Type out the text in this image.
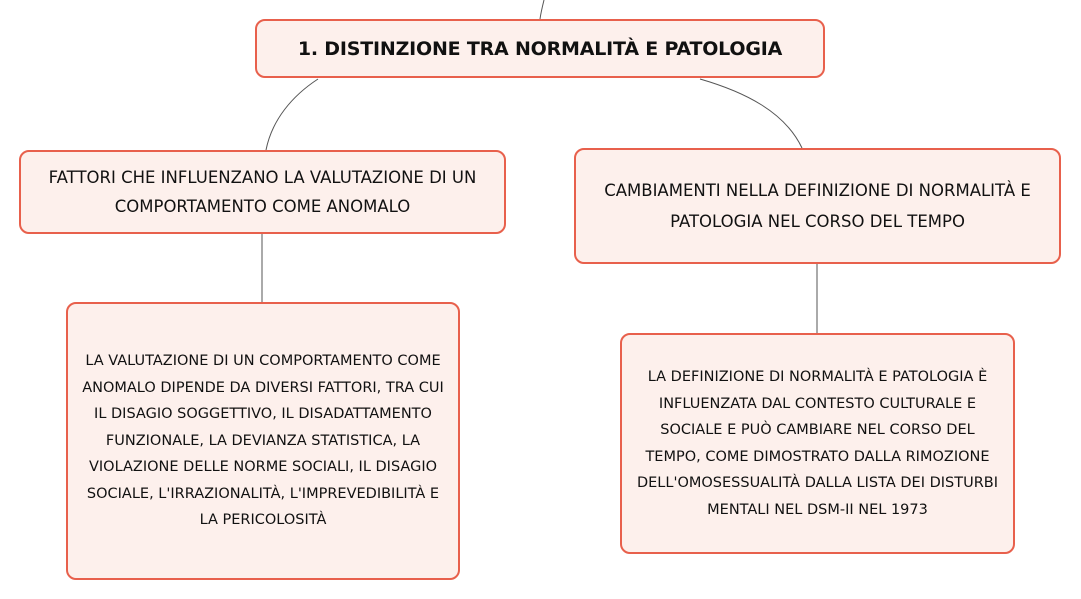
1. DISTINZIONE TRA NORMALITÀ E PATOLOGIA
FATTORI CHE INFLUENZANO LA VALUTAZIONE DI UN COMPORTAMENTO COME ANOMALO
CAMBIAMENTI NELLA DEFINIZIONE DI NORMALITÀ E PATOLOGIA NEL CORSO DEL TEMPO
LA VALUTAZIONE DI UN COMPORTAMENTO COME ANOMALO DIPENDE DA DIVERSI FATTORI, TRA CUI IL DISAGIO SOGGETTIVO, IL DISADATTAMENTO FUNZIONALE, LA DEVIANZA STATISTICA, LA VIOLAZIONE DELLE NORME SOCIALI, IL DISAGIO SOCIALE, L'IRRAZIONALITÀ, L'IMPREVEDIBILITÀ E LA PERICOLOSITÀ
LA DEFINIZIONE DI NORMALITÀ E PATOLOGIA È INFLUENZATA DAL CONTESTO CULTURALE E SOCIALE E PUÒ CAMBIARE NEL CORSO DEL TEMPO, COME DIMOSTRATO DALLA RIMOZIONE DELL'OMOSESSUALITÀ DALLA LISTA DEI DISTURBI MENTALI NEL DSM-II NEL 1973
